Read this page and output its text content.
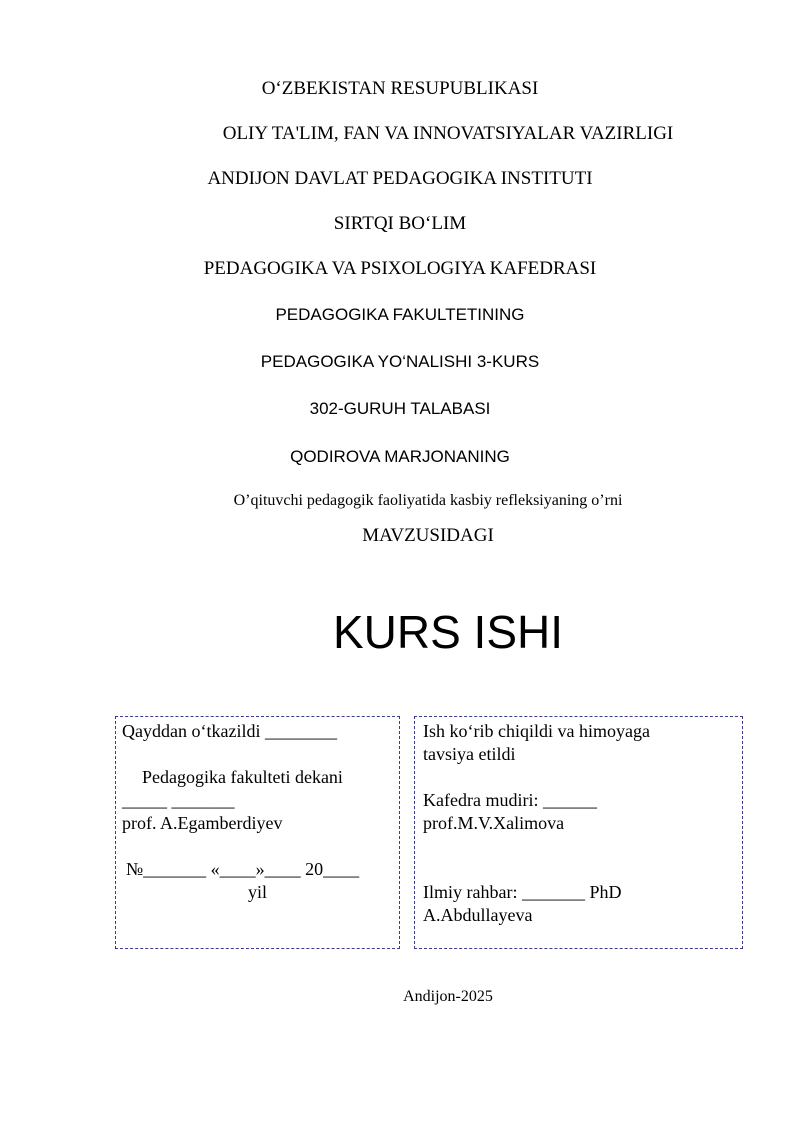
O‘ZBEKISTAN RESUPUBLIKASI
OLIY TA'LIM, FAN VA INNOVATSIYALAR VAZIRLIGI
ANDIJON DAVLAT PEDAGOGIKA INSTITUTI
SIRTQI BO‘LIM
PEDAGOGIKA VA PSIXOLOGIYA KAFEDRASI
PEDAGOGIKA FAKULTETINING
PEDAGOGIKA YO‘NALISHI 3-KURS
302-GURUH TALABASI
QODIROVA MARJONANING
O’qituvchi pedagogik faoliyatida kasbiy refleksiyaning o’rni
MAVZUSIDAGI
KURS ISHI
Qayddan o‘tkazildi ________
Pedagogika fakulteti dekani
_____ _______
prof. A.Egamberdiyev
№_______ «____»____ 20____
yil
Ish ko‘rib chiqildi va himoyaga
tavsiya etildi
Kafedra mudiri: ______
prof.M.V.Xalimova
Ilmiy rahbar: _______ PhD
A.Abdullayeva
Andijon-2025
